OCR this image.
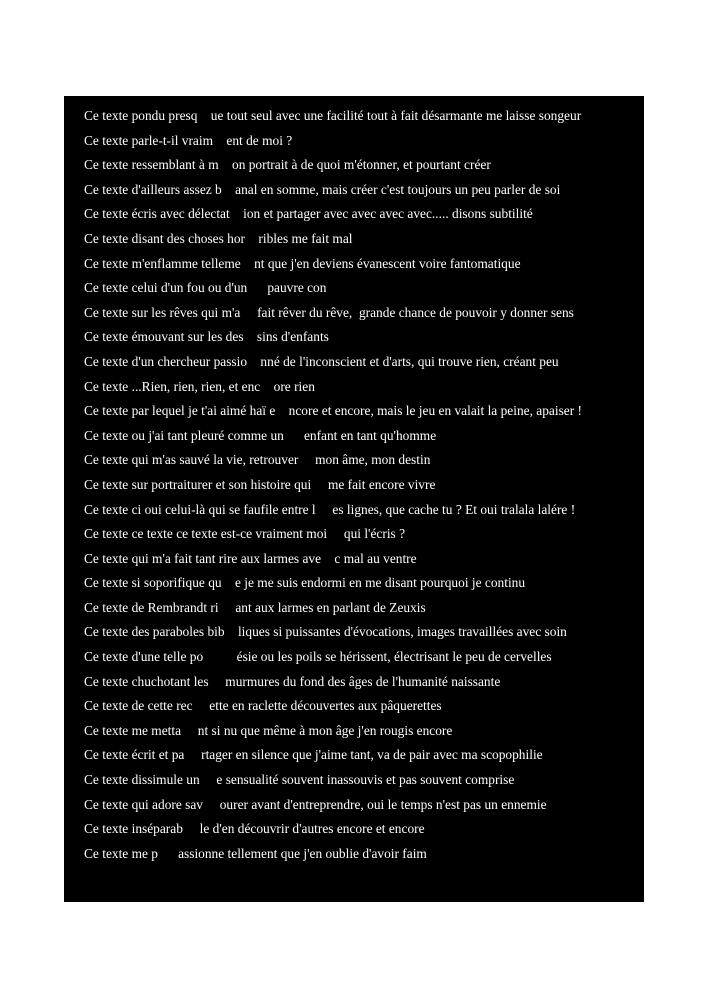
Ce texte pondu presq    ue tout seul avec une facilité tout à fait désarmante me laisse songeur
Ce texte parle-t-il vraim    ent de moi ?
Ce texte ressemblant à m    on portrait à de quoi m'étonner, et pourtant créer
Ce texte d'ailleurs assez b    anal en somme, mais créer c'est toujours un peu parler de soi
Ce texte écris avec délectat    ion et partager avec avec avec avec..... disons subtilité
Ce texte disant des choses hor    ribles me fait mal
Ce texte m'enflamme telleme    nt que j'en deviens évanescent voire fantomatique
Ce texte celui d'un fou ou d'un      pauvre con
Ce texte sur les rêves qui m'a     fait rêver du rêve,  grande chance de pouvoir y donner sens
Ce texte émouvant sur les des    sins d'enfants
Ce texte d'un chercheur passio    nné de l'inconscient et d'arts, qui trouve rien, créant peu
Ce texte ...Rien, rien, rien, et enc    ore rien
Ce texte par lequel je t'ai aimé haï e    ncore et encore, mais le jeu en valait la peine, apaiser !
Ce texte ou j'ai tant pleuré comme un      enfant en tant qu'homme
Ce texte qui m'as sauvé la vie, retrouver     mon âme, mon destin
Ce texte sur portraiturer et son histoire qui     me fait encore vivre
Ce texte ci oui celui-là qui se faufile entre l     es lignes, que cache tu ? Et oui tralala lalére !
Ce texte ce texte ce texte est-ce vraiment moi     qui l'écris ?
Ce texte qui m'a fait tant rire aux larmes ave    c mal au ventre
Ce texte si soporifique qu    e je me suis endormi en me disant pourquoi je continu
Ce texte de Rembrandt ri     ant aux larmes en parlant de Zeuxis
Ce texte des paraboles bib    liques si puissantes d'évocations, images travaillées avec soin
Ce texte d'une telle po          ésie ou les poils se hérissent, électrisant le peu de cervelles
Ce texte chuchotant les     murmures du fond des âges de l'humanité naissante
Ce texte de cette rec     ette en raclette découvertes aux pâquerettes
Ce texte me metta     nt si nu que même à mon âge j'en rougis encore
Ce texte écrit et pa     rtager en silence que j'aime tant, va de pair avec ma scopophilie
Ce texte dissimule un     e sensualité souvent inassouvis et pas souvent comprise
Ce texte qui adore sav     ourer avant d'entreprendre, oui le temps n'est pas un ennemie
Ce texte inséparab     le d'en découvrir d'autres encore et encore
Ce texte me p      assionne tellement que j'en oublie d'avoir faim
